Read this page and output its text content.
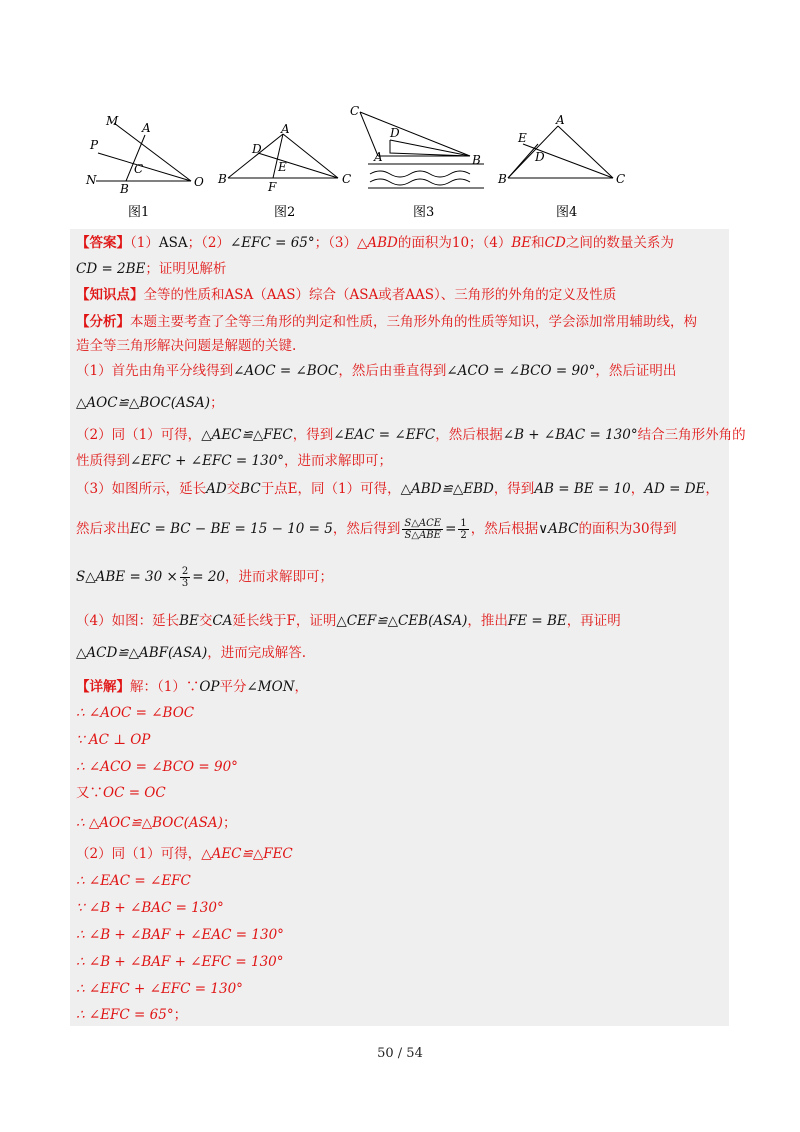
M A
P
C
N
B	O
图1
A
D
E
B
F
C
图2
C
D
A	B
图3
E
A
D
B	C
图4
【答案】（1）ASA；（2）∠EFC = 65°；（3）△ABD的面积为10；（4）BE和CD之间的数量关系为
CD = 2BE；证明见解析
【知识点】全等的性质和ASA（AAS）综合（ASA或者AAS）、三角形的外角的定义及性质
【分析】本题主要考查了全等三角形的判定和性质，三角形外角的性质等知识，学会添加常用辅助线，构
造全等三角形解决问题是解题的关键.
（1）首先由角平分线得到∠AOC = ∠BOC，然后由垂直得到∠ACO = ∠BCO = 90°，然后证明出
△AOC≌△BOC(ASA)；
（2）同（1）可得，△AEC≌△FEC，得到∠EAC = ∠EFC，然后根据∠B + ∠BAC = 130°结合三角形外角的
性质得到∠EFC + ∠EFC = 130°，进而求解即可；
（3）如图所示，延长AD交BC于点E，同（1）可得，△ABD≌△EBD，得到AB = BE = 10，AD = DE，
然后求出EC = BC − BE = 15 − 10 = 5，然后得到 $\frac{\text{S△ACE}}{\text{S△ABE}} = \frac{1}{2}$ ，然后根据∨ABC的面积为30得到
S△ABE = $30 \times \frac{2}{3} = 20$，进而求解即可；
（4）如图：延长BE交CA延长线于F，证明△CEF≌△CEB(ASA)，推出FE = BE，再证明
△ACD≌△ABF(ASA)，进而完成解答.
【详解】解：（1）∵OP平分∠MON，
∴ ∠AOC = ∠BOC
∵ AC ⊥ OP
∴ ∠ACO = ∠BCO = 90°
又∵OC = OC
∴ △AOC≌△BOC(ASA)；
（2）同（1）可得，△AEC≌△FEC
∴ ∠EAC = ∠EFC
∵ ∠B + ∠BAC = 130°
∴ ∠B + ∠BAF + ∠EAC = 130°
∴ ∠B + ∠BAF + ∠EFC = 130°
∴ ∠EFC + ∠EFC = 130°
∴ ∠EFC = 65°；
50 / 54
